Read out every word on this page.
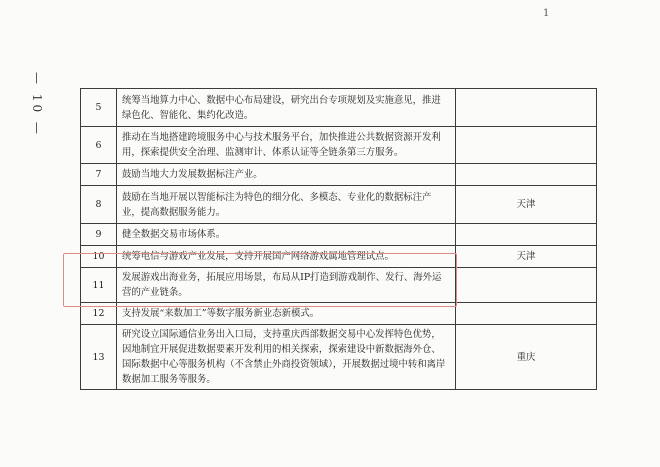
— 10 —
1
5	统筹当地算力中心、数据中心布局建设，研究出台专项规划及实施意见，推进绿色化、智能化、集约化改造。	
6	推动在当地搭建跨境服务中心与技术服务平台，加快推进公共数据资源开发利用，探索提供安全治理、监测审计、体系认证等全链条第三方服务。	
7	鼓励当地大力发展数据标注产业。	
8	鼓励在当地开展以智能标注为特色的细分化、多模态、专业化的数据标注产业，提高数据服务能力。	天津
9	健全数据交易市场体系。	
10	统筹电信与游戏产业发展，支持开展国产网络游戏属地管理试点。	天津
11	发展游戏出海业务，拓展应用场景，布局从IP打造到游戏制作、发行、海外运营的产业链条。	
12	支持发展“来数加工”等数字服务新业态新模式。	
13	研究设立国际通信业务出入口局，支持重庆西部数据交易中心发挥特色优势，因地制宜开展促进数据要素开发利用的相关探索，探索建设中新数据海外仓、国际数据中心等服务机构（不含禁止外商投资领域），开展数据过境中转和离岸数据加工服务等服务。	重庆
